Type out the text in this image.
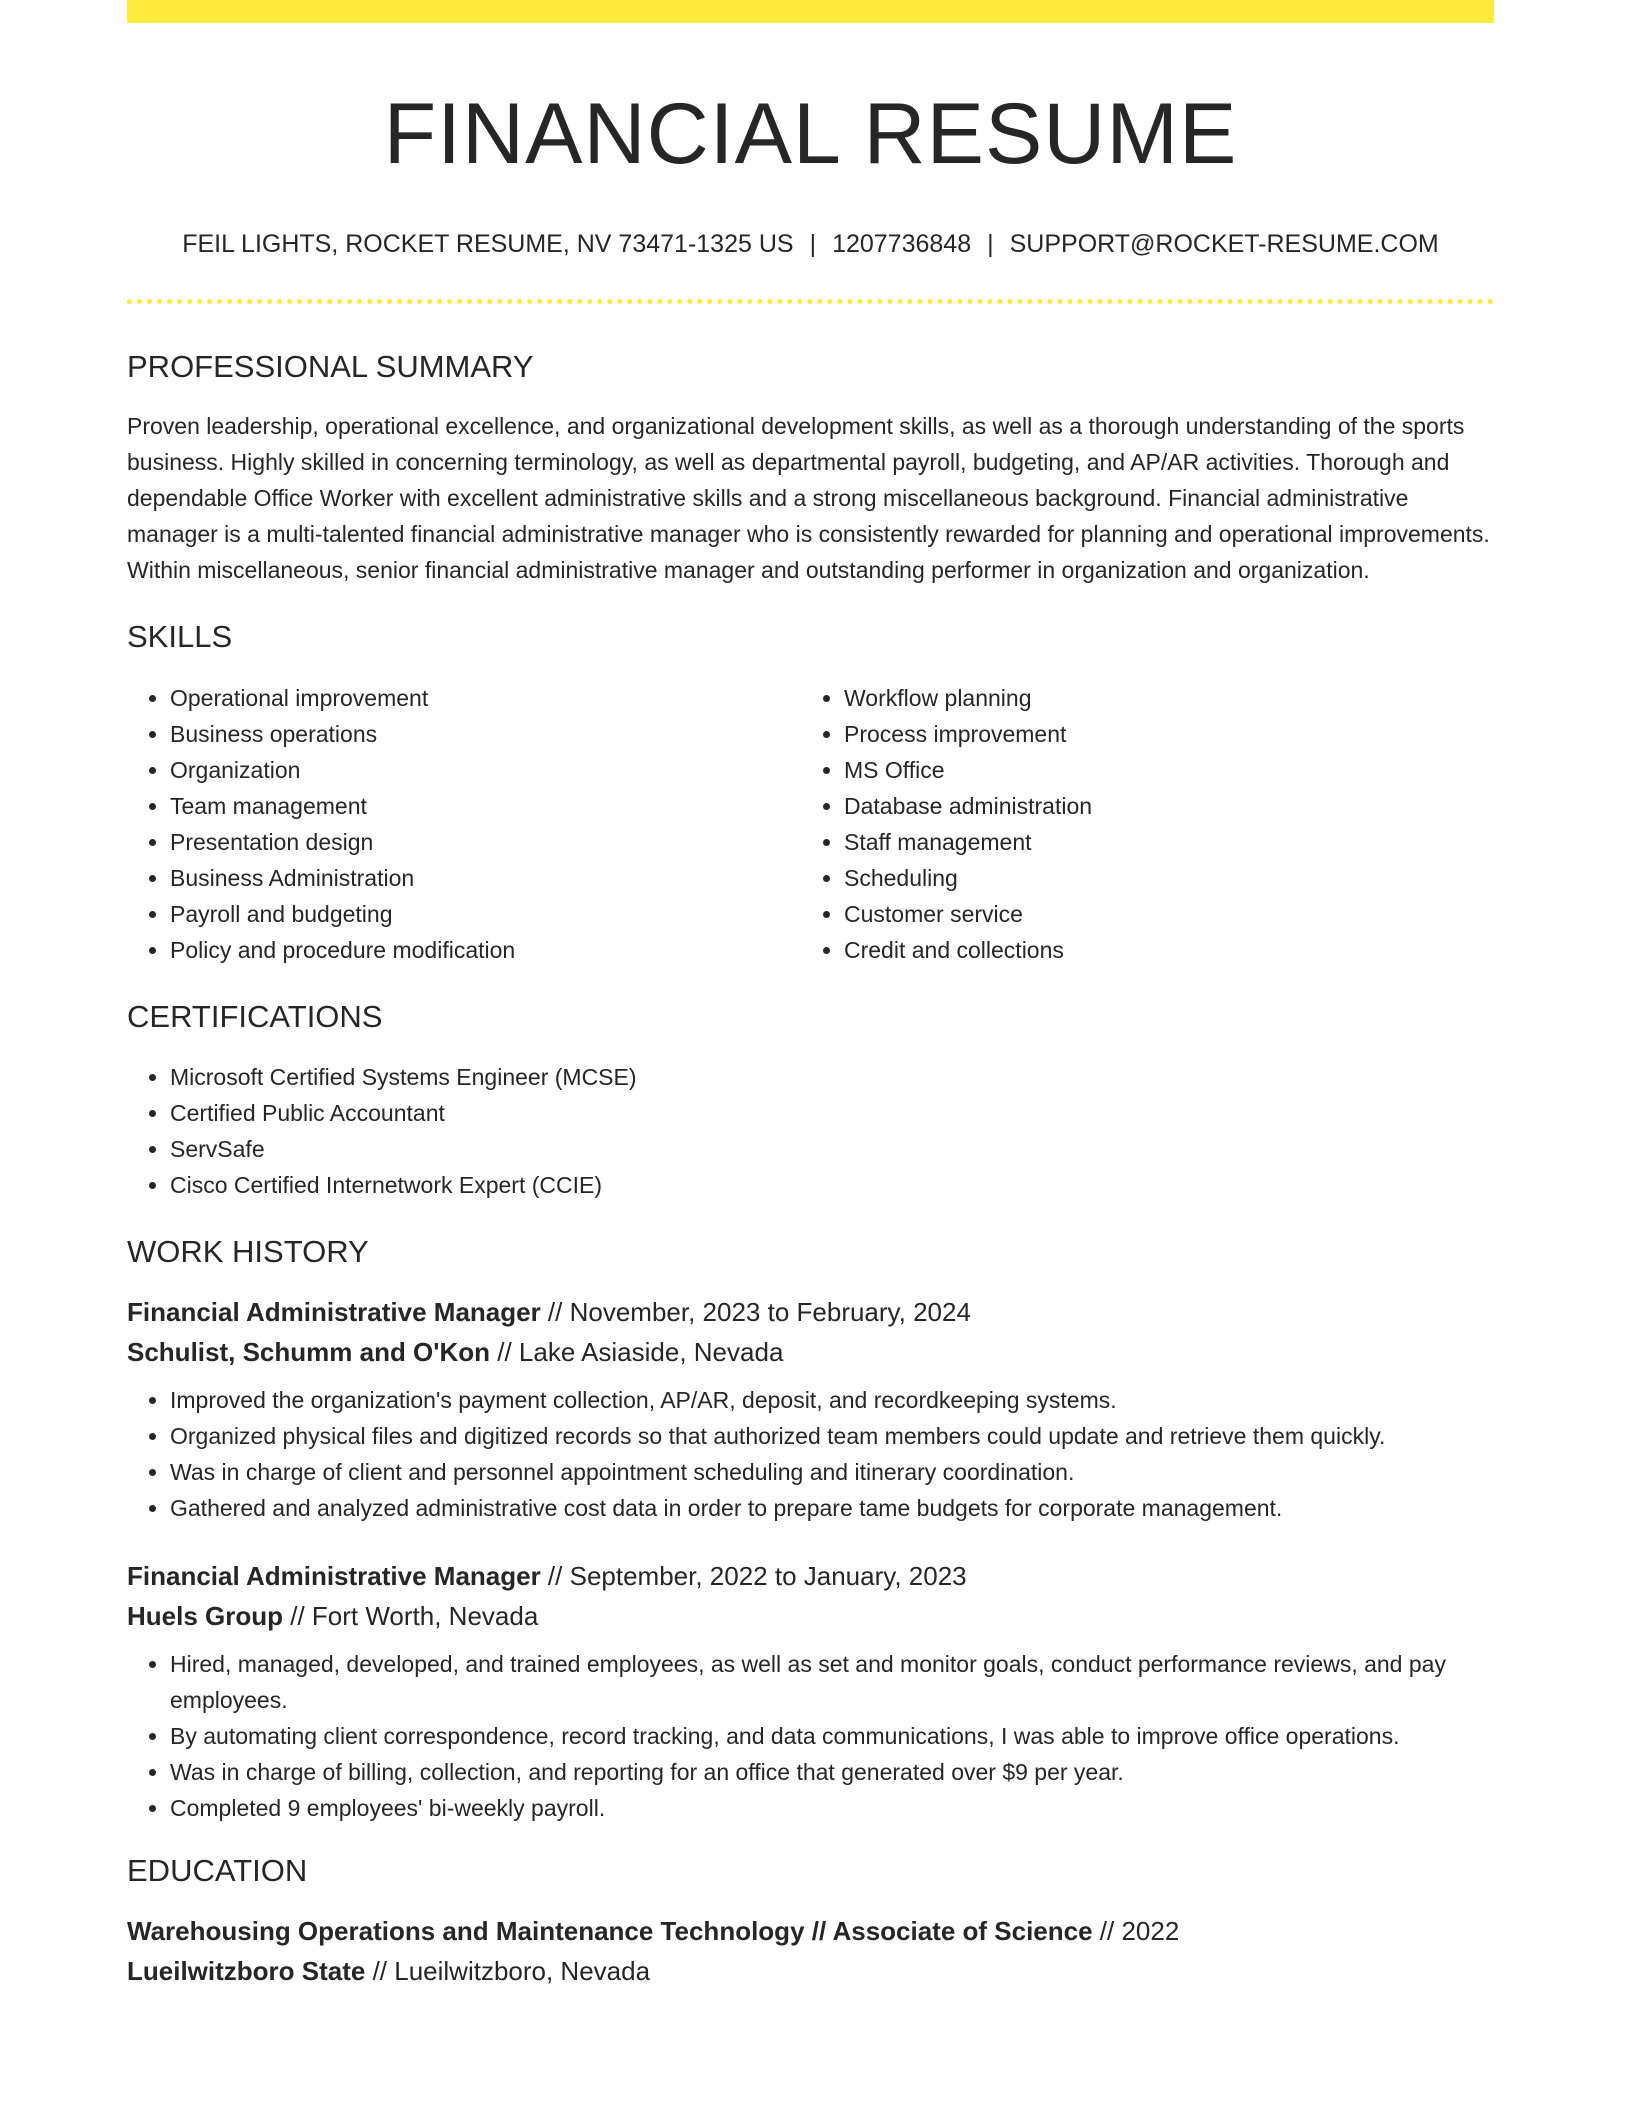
FINANCIAL RESUME
FEIL LIGHTS, ROCKET RESUME, NV 73471-1325 US | 1207736848 | SUPPORT@ROCKET-RESUME.COM
PROFESSIONAL SUMMARY

Proven leadership, operational excellence, and organizational development skills, as well as a thorough understanding of the sports business. Highly skilled in concerning terminology, as well as departmental payroll, budgeting, and AP/AR activities. Thorough and dependable Office Worker with excellent administrative skills and a strong miscellaneous background. Financial administrative manager is a multi-talented financial administrative manager who is consistently rewarded for planning and operational improvements. Within miscellaneous, senior financial administrative manager and outstanding performer in organization and organization.

SKILLS
• Operational improvement
• Business operations
• Organization
• Team management
• Presentation design
• Business Administration
• Payroll and budgeting
• Policy and procedure modification
• Workflow planning
• Process improvement
• MS Office
• Database administration
• Staff management
• Scheduling
• Customer service
• Credit and collections
CERTIFICATIONS
• Microsoft Certified Systems Engineer (MCSE)
• Certified Public Accountant
• ServSafe
• Cisco Certified Internetwork Expert (CCIE)
WORK HISTORY
Financial Administrative Manager // November, 2023 to February, 2024
Schulist, Schumm and O'Kon // Lake Asiaside, Nevada
• Improved the organization's payment collection, AP/AR, deposit, and recordkeeping systems.
• Organized physical files and digitized records so that authorized team members could update and retrieve them quickly.
• Was in charge of client and personnel appointment scheduling and itinerary coordination.
• Gathered and analyzed administrative cost data in order to prepare tame budgets for corporate management.
Financial Administrative Manager // September, 2022 to January, 2023
Huels Group // Fort Worth, Nevada
• Hired, managed, developed, and trained employees, as well as set and monitor goals, conduct performance reviews, and pay employees.
• By automating client correspondence, record tracking, and data communications, I was able to improve office operations.
• Was in charge of billing, collection, and reporting for an office that generated over $9 per year.
• Completed 9 employees' bi-weekly payroll.
EDUCATION
Warehousing Operations and Maintenance Technology // Associate of Science // 2022
Lueilwitzboro State // Lueilwitzboro, Nevada
